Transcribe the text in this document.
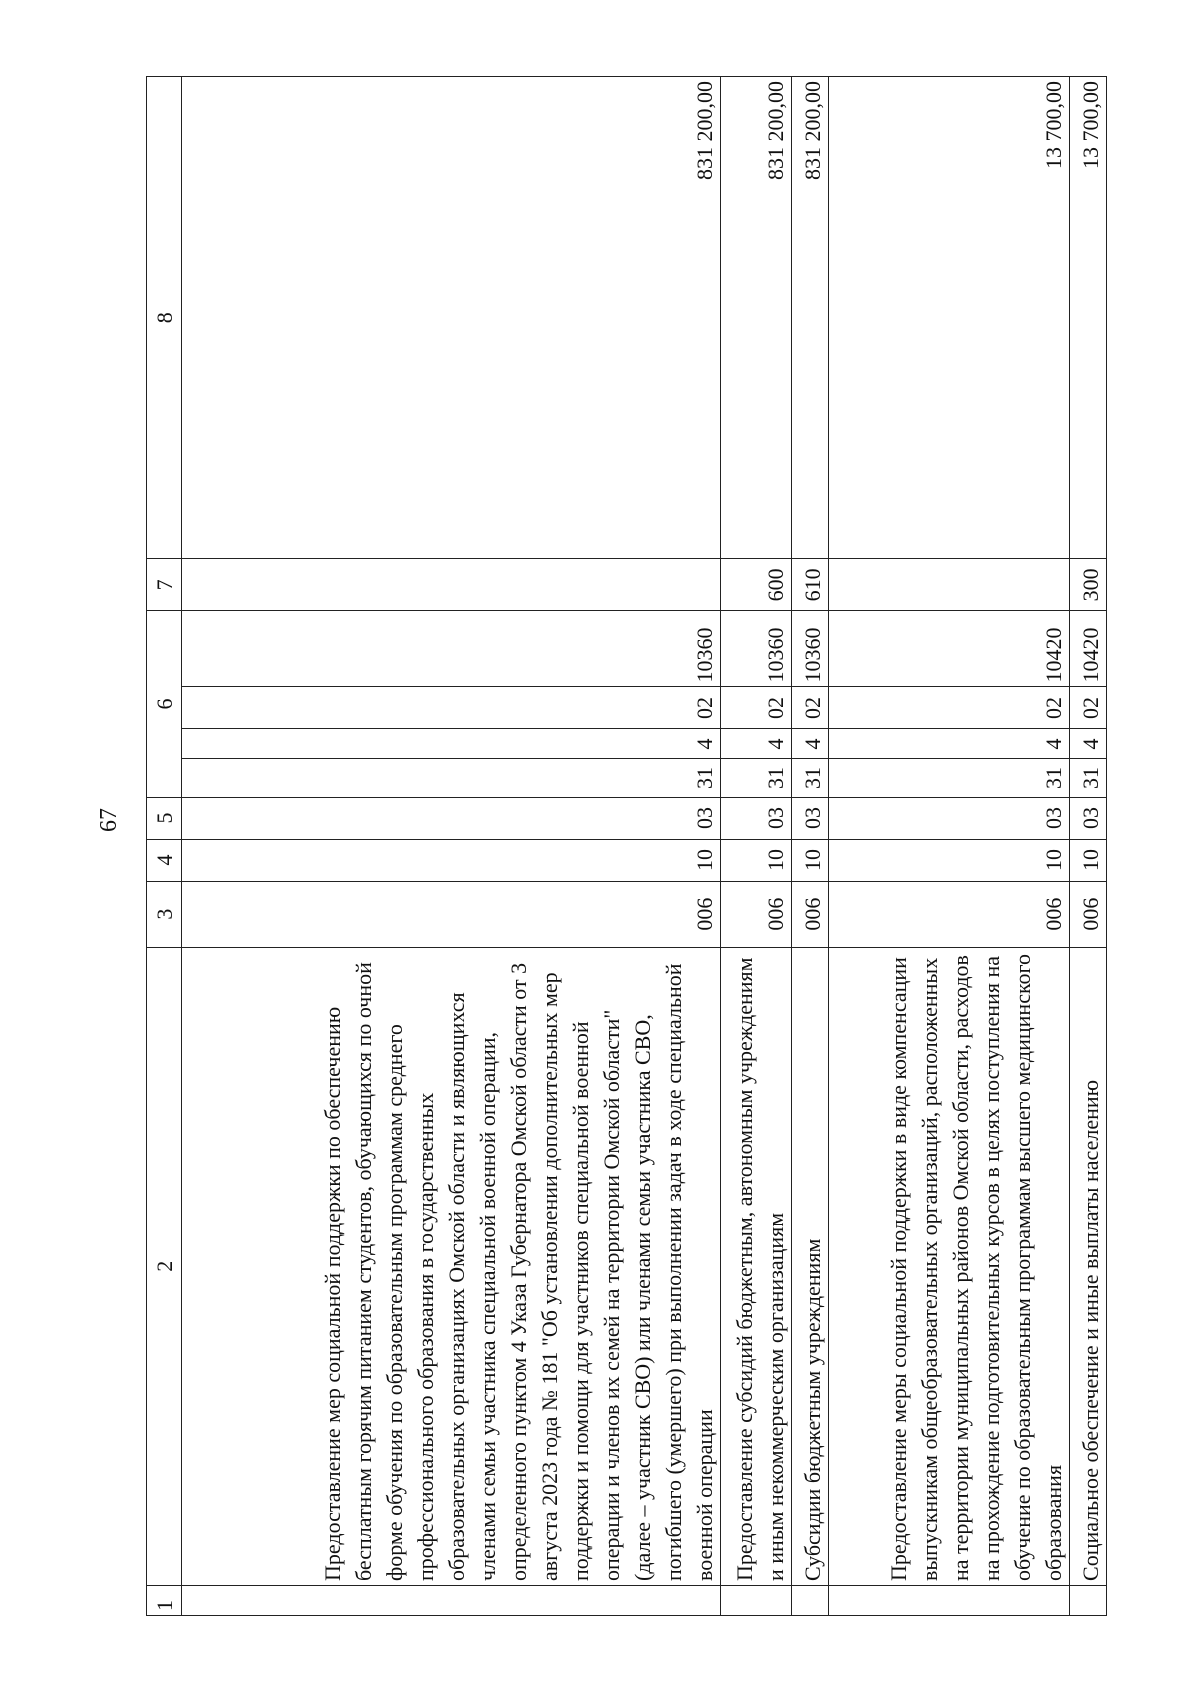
67
1	2	3	4	5	6				7	8
	Предоставление мер социальной поддержки по обеспечению бесплатным горячим питанием студентов, обучающихся по очной форме обучения по образовательным программам среднего профессионального образования в государственных образовательных организациях Омской области и являющихся членами семьи участника специальной военной операции, определенного пунктом 4 Указа Губернатора Омской области от 3 августа 2023 года № 181 "Об установлении дополнительных мер поддержки и помощи для участников специальной военной операции и членов их семей на территории Омской области" (далее – участник СВО) или членами семьи участника СВО, погибшего (умершего) при выполнении задач в ходе специальной военной операции	006	10	03	31	4	02	10360		831 200,00
	Предоставление субсидий бюджетным, автономным учреждениям и иным некоммерческим организациям	006	10	03	31	4	02	10360	600	831 200,00
	Субсидии бюджетным учреждениям	006	10	03	31	4	02	10360	610	831 200,00
	Предоставление меры социальной поддержки в виде компенсации выпускникам общеобразовательных организаций, расположенных на территории муниципальных районов Омской области, расходов на прохождение подготовительных курсов в целях поступления на обучение по образовательным программам высшего медицинского образования	006	10	03	31	4	02	10420		13 700,00
	Социальное обеспечение и иные выплаты населению	006	10	03	31	4	02	10420	300	13 700,00
